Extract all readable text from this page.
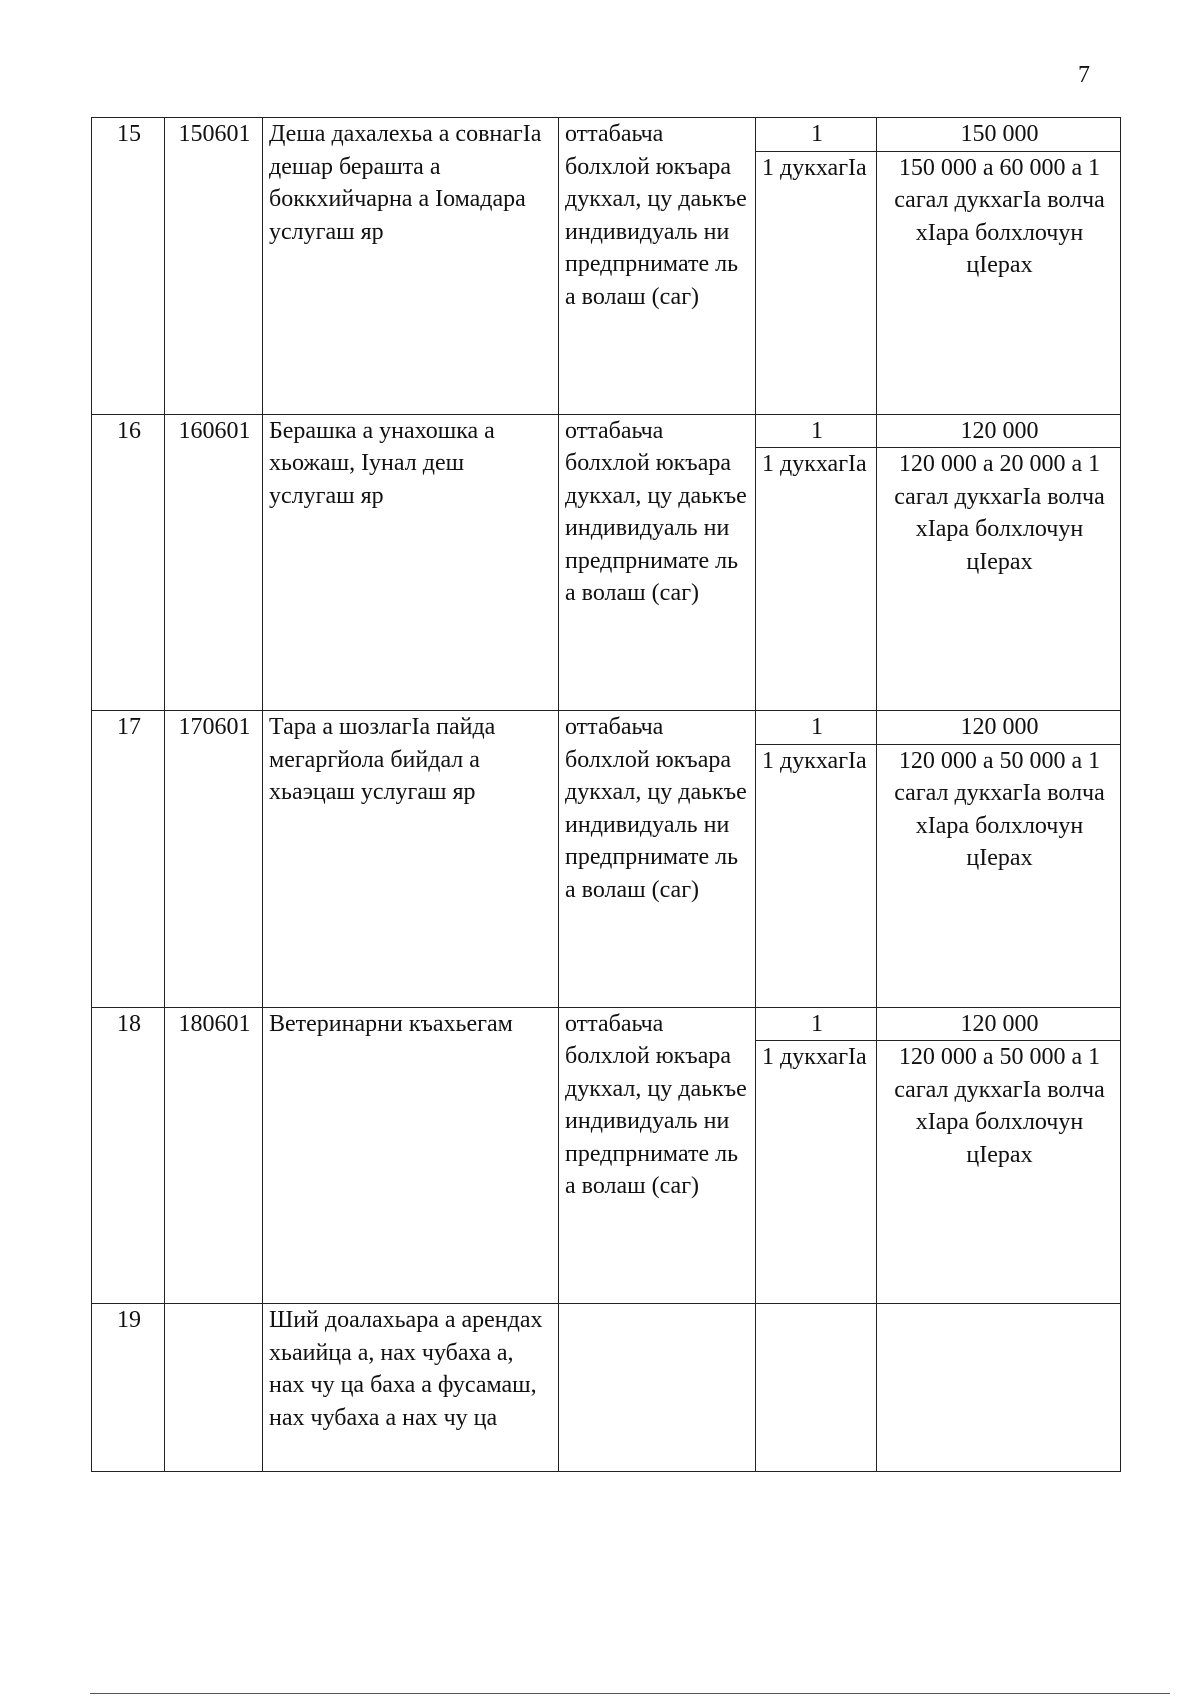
7
15	150601	Деша дахалехьа а совнагIа дешар бераштa а боккхийчарна а Iомадара услугаш яр	оттабаьча болхлой юкъара дукхал, цу даькъе индивидуаль ни предпрнимате ль а волаш (саг)	1	150 000
				1 дукхагIа	150 000 а 60 000 а 1 сагал дукхагIа волча хIара болхлочун цIерах
16	160601	Берашка а унахошка а хьожаш, Iунал деш услугаш яр	оттабаьча болхлой юкъара дукхал, цу даькъе индивидуаль ни предпрнимате ль а волаш (саг)	1	120 000
				1 дукхагIа	120 000 а 20 000 а 1 сагал дукхагIа волча хIара болхлочун цIерах
17	170601	Тара а шозлагIа пайда мегаргйола бийдал а хьаэцаш услугаш яр	оттабаьча болхлой юкъара дукхал, цу даькъе индивидуаль ни предпрнимате ль а волаш (саг)	1	120 000
				1 дукхагIа	120 000 а 50 000 а 1 сагал дукхагIа волча хIара болхлочун цIерах
18	180601	Ветеринарни къахьегам	оттабаьча болхлой юкъара дукхал, цу даькъе индивидуаль ни предпрнимате ль а волаш (саг)	1	120 000
				1 дукхагIа	120 000 а 50 000 а 1 сагал дукхагIа волча хIара болхлочун цIерах
19		Ший доалахьара а арендах хьаийца а, нах чубаха а, нах чу ца баха а фусамаш, нах чубаха а нах чу ца			
